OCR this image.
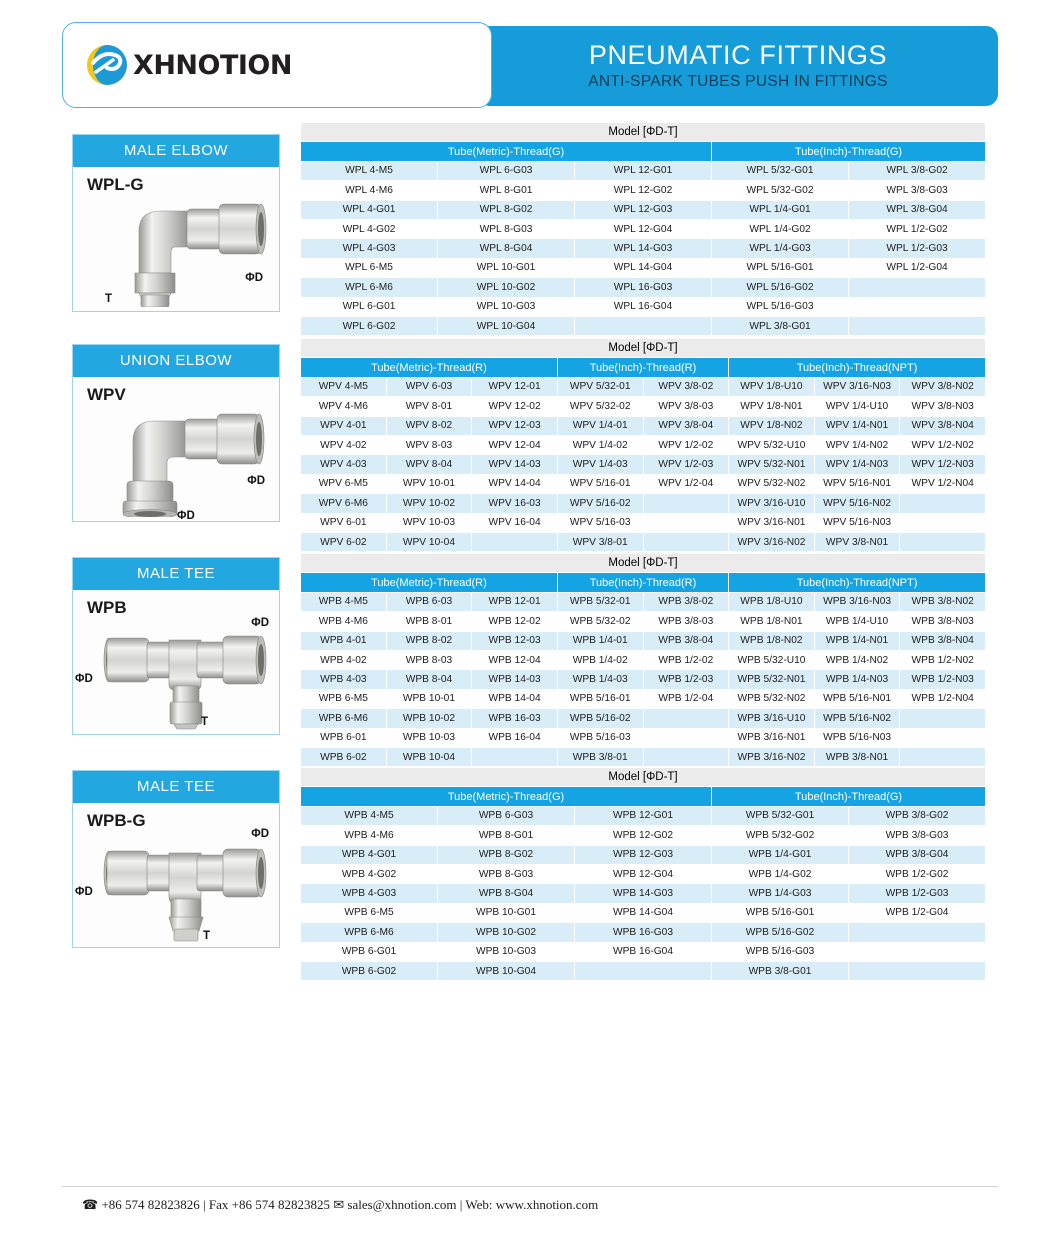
PNEUMATIC FITTINGS
ANTI-SPARK TUBES PUSH IN FITTINGS
XHNOTION
MALE ELBOW
WPL-G
ΦD
T
UNION ELBOW
WPV
ΦD
ΦD
MALE TEE
WPB
ΦD
ΦD
T
MALE TEE
WPB-G
ΦD
ΦD
T
Model [ΦD-T]				
Tube(Metric)-Thread(G)			Tube(Inch)-Thread(G)	
WPL 4-M5	WPL 6-G03	WPL 12-G01	WPL 5/32-G01	WPL 3/8-G02
WPL 4-M6	WPL 8-G01	WPL 12-G02	WPL 5/32-G02	WPL 3/8-G03
WPL 4-G01	WPL 8-G02	WPL 12-G03	WPL 1/4-G01	WPL 3/8-G04
WPL 4-G02	WPL 8-G03	WPL 12-G04	WPL 1/4-G02	WPL 1/2-G02
WPL 4-G03	WPL 8-G04	WPL 14-G03	WPL 1/4-G03	WPL 1/2-G03
WPL 6-M5	WPL 10-G01	WPL 14-G04	WPL 5/16-G01	WPL 1/2-G04
WPL 6-M6	WPL 10-G02	WPL 16-G03	WPL 5/16-G02	
WPL 6-G01	WPL 10-G03	WPL 16-G04	WPL 5/16-G03	
WPL 6-G02	WPL 10-G04		WPL 3/8-G01	
Model [ΦD-T]							
Tube(Metric)-Thread(R)			Tube(Inch)-Thread(R)		Tube(Inch)-Thread(NPT)		
WPV 4-M5	WPV 6-03	WPV 12-01	WPV 5/32-01	WPV 3/8-02	WPV 1/8-U10	WPV 3/16-N03	WPV 3/8-N02
WPV 4-M6	WPV 8-01	WPV 12-02	WPV 5/32-02	WPV 3/8-03	WPV 1/8-N01	WPV 1/4-U10	WPV 3/8-N03
WPV 4-01	WPV 8-02	WPV 12-03	WPV 1/4-01	WPV 3/8-04	WPV 1/8-N02	WPV 1/4-N01	WPV 3/8-N04
WPV 4-02	WPV 8-03	WPV 12-04	WPV 1/4-02	WPV 1/2-02	WPV 5/32-U10	WPV 1/4-N02	WPV 1/2-N02
WPV 4-03	WPV 8-04	WPV 14-03	WPV 1/4-03	WPV 1/2-03	WPV 5/32-N01	WPV 1/4-N03	WPV 1/2-N03
WPV 6-M5	WPV 10-01	WPV 14-04	WPV 5/16-01	WPV 1/2-04	WPV 5/32-N02	WPV 5/16-N01	WPV 1/2-N04
WPV 6-M6	WPV 10-02	WPV 16-03	WPV 5/16-02		WPV 3/16-U10	WPV 5/16-N02	
WPV 6-01	WPV 10-03	WPV 16-04	WPV 5/16-03		WPV 3/16-N01	WPV 5/16-N03	
WPV 6-02	WPV 10-04		WPV 3/8-01		WPV 3/16-N02	WPV 3/8-N01	
Model [ΦD-T]							
Tube(Metric)-Thread(R)			Tube(Inch)-Thread(R)		Tube(Inch)-Thread(NPT)		
WPB 4-M5	WPB 6-03	WPB 12-01	WPB 5/32-01	WPB 3/8-02	WPB 1/8-U10	WPB 3/16-N03	WPB 3/8-N02
WPB 4-M6	WPB 8-01	WPB 12-02	WPB 5/32-02	WPB 3/8-03	WPB 1/8-N01	WPB 1/4-U10	WPB 3/8-N03
WPB 4-01	WPB 8-02	WPB 12-03	WPB 1/4-01	WPB 3/8-04	WPB 1/8-N02	WPB 1/4-N01	WPB 3/8-N04
WPB 4-02	WPB 8-03	WPB 12-04	WPB 1/4-02	WPB 1/2-02	WPB 5/32-U10	WPB 1/4-N02	WPB 1/2-N02
WPB 4-03	WPB 8-04	WPB 14-03	WPB 1/4-03	WPB 1/2-03	WPB 5/32-N01	WPB 1/4-N03	WPB 1/2-N03
WPB 6-M5	WPB 10-01	WPB 14-04	WPB 5/16-01	WPB 1/2-04	WPB 5/32-N02	WPB 5/16-N01	WPB 1/2-N04
WPB 6-M6	WPB 10-02	WPB 16-03	WPB 5/16-02		WPB 3/16-U10	WPB 5/16-N02	
WPB 6-01	WPB 10-03	WPB 16-04	WPB 5/16-03		WPB 3/16-N01	WPB 5/16-N03	
WPB 6-02	WPB 10-04		WPB 3/8-01		WPB 3/16-N02	WPB 3/8-N01	
Model [ΦD-T]				
Tube(Metric)-Thread(G)			Tube(Inch)-Thread(G)	
WPB 4-M5	WPB 6-G03	WPB 12-G01	WPB 5/32-G01	WPB 3/8-G02
WPB 4-M6	WPB 8-G01	WPB 12-G02	WPB 5/32-G02	WPB 3/8-G03
WPB 4-G01	WPB 8-G02	WPB 12-G03	WPB 1/4-G01	WPB 3/8-G04
WPB 4-G02	WPB 8-G03	WPB 12-G04	WPB 1/4-G02	WPB 1/2-G02
WPB 4-G03	WPB 8-G04	WPB 14-G03	WPB 1/4-G03	WPB 1/2-G03
WPB 6-M5	WPB 10-G01	WPB 14-G04	WPB 5/16-G01	WPB 1/2-G04
WPB 6-M6	WPB 10-G02	WPB 16-G03	WPB 5/16-G02	
WPB 6-G01	WPB 10-G03	WPB 16-G04	WPB 5/16-G03	
WPB 6-G02	WPB 10-G04		WPB 3/8-G01	
☎ +86 574 82823826 | Fax +86 574 82823825 ✉ sales@xhnotion.com | Web: www.xhnotion.com
